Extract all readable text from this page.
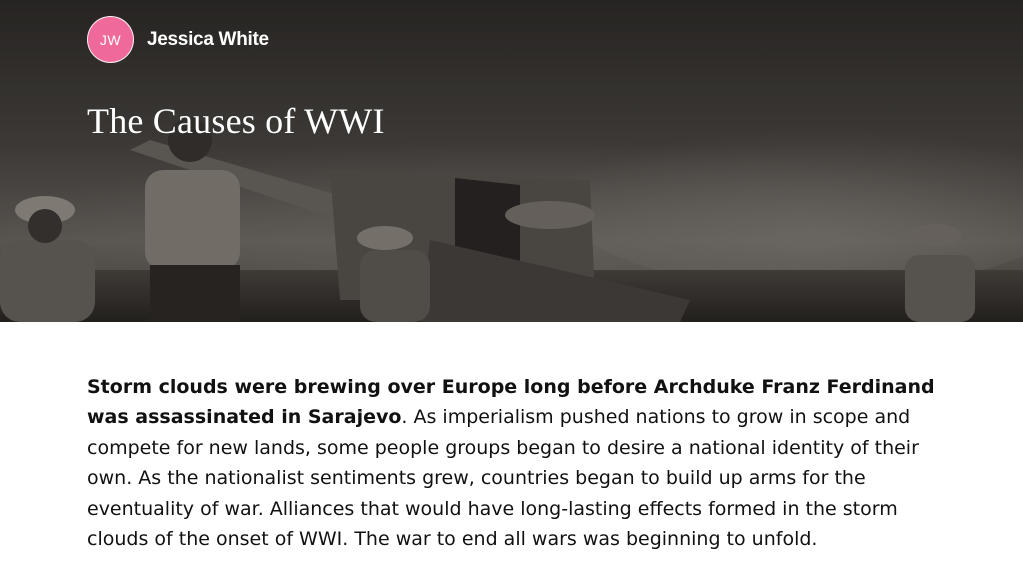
JW Jessica White
The Causes of WWI

Storm clouds were brewing over Europe long before Archduke Franz Ferdinand was assassinated in Sarajevo. As imperialism pushed nations to grow in scope and compete for new lands, some people groups began to desire a national identity of their own. As the nationalist sentiments grew, countries began to build up arms for the eventuality of war. Alliances that would have long-lasting effects formed in the storm clouds of the onset of WWI. The war to end all wars was beginning to unfold.
